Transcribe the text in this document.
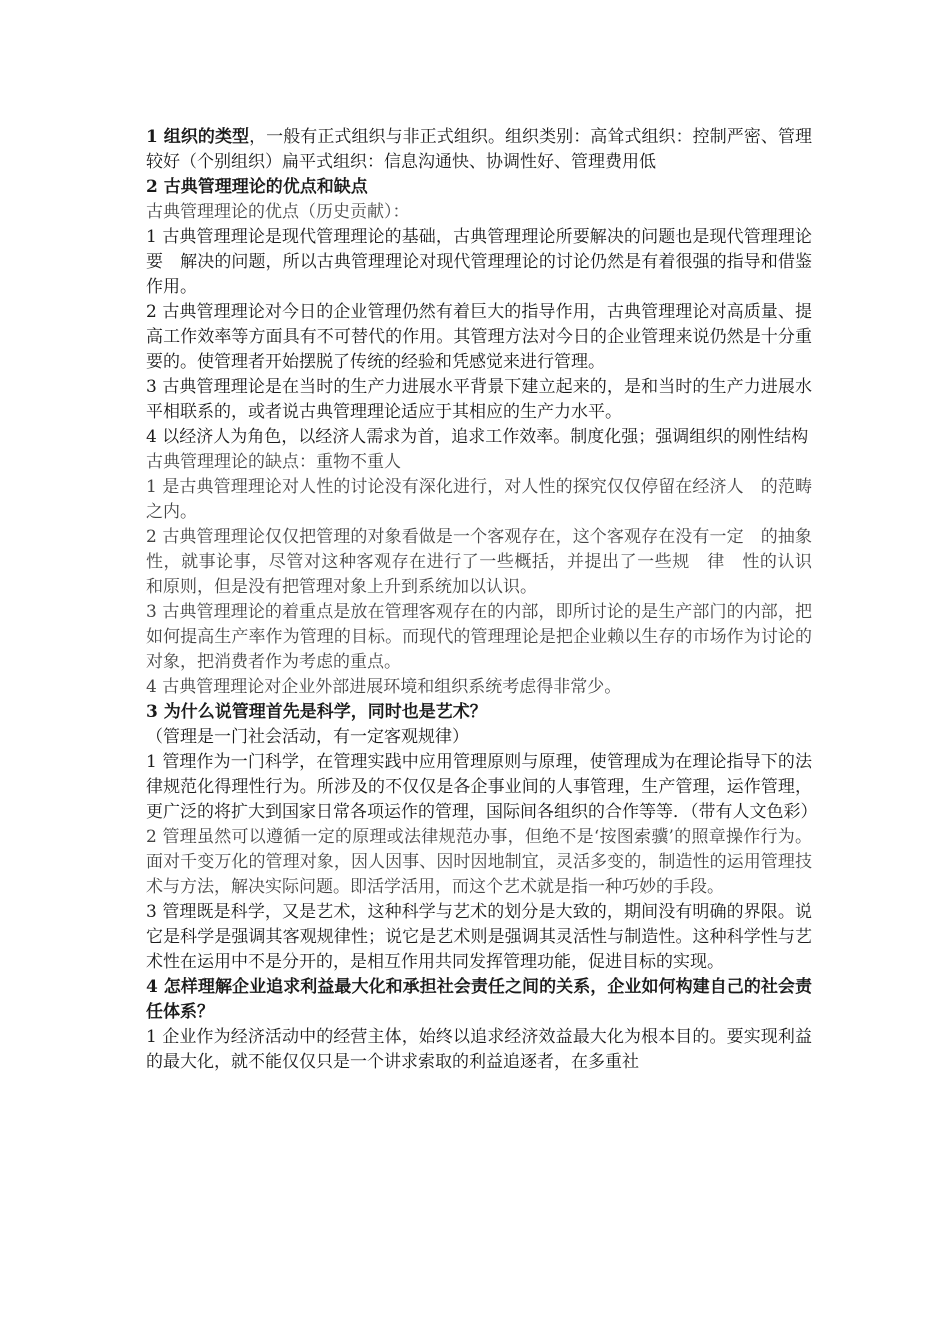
1 组织的类型，一般有正式组织与非正式组织。组织类别：高耸式组织：控制严密、管理较好（个别组织）扁平式组织：信息沟通快、协调性好、管理费用低

2 古典管理理论的优点和缺点

古典管理理论的优点（历史贡献）：

1 古典管理理论是现代管理理论的基础，古典管理理论所要解决的问题也是现代管理理论要　解决的问题，所以古典管理理论对现代管理理论的讨论仍然是有着很强的指导和借鉴作用。

2 古典管理理论对今日的企业管理仍然有着巨大的指导作用，古典管理理论对高质量、提高工作效率等方面具有不可替代的作用。其管理方法对今日的企业管理来说仍然是十分重要的。使管理者开始摆脱了传统的经验和凭感觉来进行管理。

3 古典管理理论是在当时的生产力进展水平背景下建立起来的，是和当时的生产力进展水平相联系的，或者说古典管理理论适应于其相应的生产力水平。

4 以经济人为角色，以经济人需求为首，追求工作效率。制度化强；强调组织的刚性结构

古典管理理论的缺点：重物不重人

1 是古典管理理论对人性的讨论没有深化进行，对人性的探究仅仅停留在经济人　的范畴之内。

2 古典管理理论仅仅把管理的对象看做是一个客观存在，这个客观存在没有一定　的抽象性，就事论事，尽管对这种客观存在进行了一些概括，并提出了一些规　律　性的认识　和原则，但是没有把管理对象上升到系统加以认识。

3 古典管理理论的着重点是放在管理客观存在的内部，即所讨论的是生产部门的内部，把如何提高生产率作为管理的目标。而现代的管理理论是把企业赖以生存的市场作为讨论的对象，把消费者作为考虑的重点。

4 古典管理理论对企业外部进展环境和组织系统考虑得非常少。

3 为什么说管理首先是科学，同时也是艺术？

（管理是一门社会活动，有一定客观规律）

1 管理作为一门科学，在管理实践中应用管理原则与原理，使管理成为在理论指导下的法律规范化得理性行为。所涉及的不仅仅是各企事业间的人事管理，生产管理，运作管理，更广泛的将扩大到国家日常各项运作的管理，国际间各组织的合作等等．（带有人文色彩）

2 管理虽然可以遵循一定的原理或法律规范办事，但绝不是‘按图索骥’的照章操作行为。面对千变万化的管理对象，因人因事、因时因地制宜，灵活多变的，制造性的运用管理技术与方法，解决实际问题。即活学活用，而这个艺术就是指一种巧妙的手段。

3 管理既是科学，又是艺术，这种科学与艺术的划分是大致的，期间没有明确的界限。说它是科学是强调其客观规律性；说它是艺术则是强调其灵活性与制造性。这种科学性与艺术性在运用中不是分开的，是相互作用共同发挥管理功能，促进目标的实现。

4 怎样理解企业追求利益最大化和承担社会责任之间的关系，企业如何构建自己的社会责任体系？

1 企业作为经济活动中的经营主体，始终以追求经济效益最大化为根本目的。要实现利益的最大化，就不能仅仅只是一个讲求索取的利益追逐者，在多重社
